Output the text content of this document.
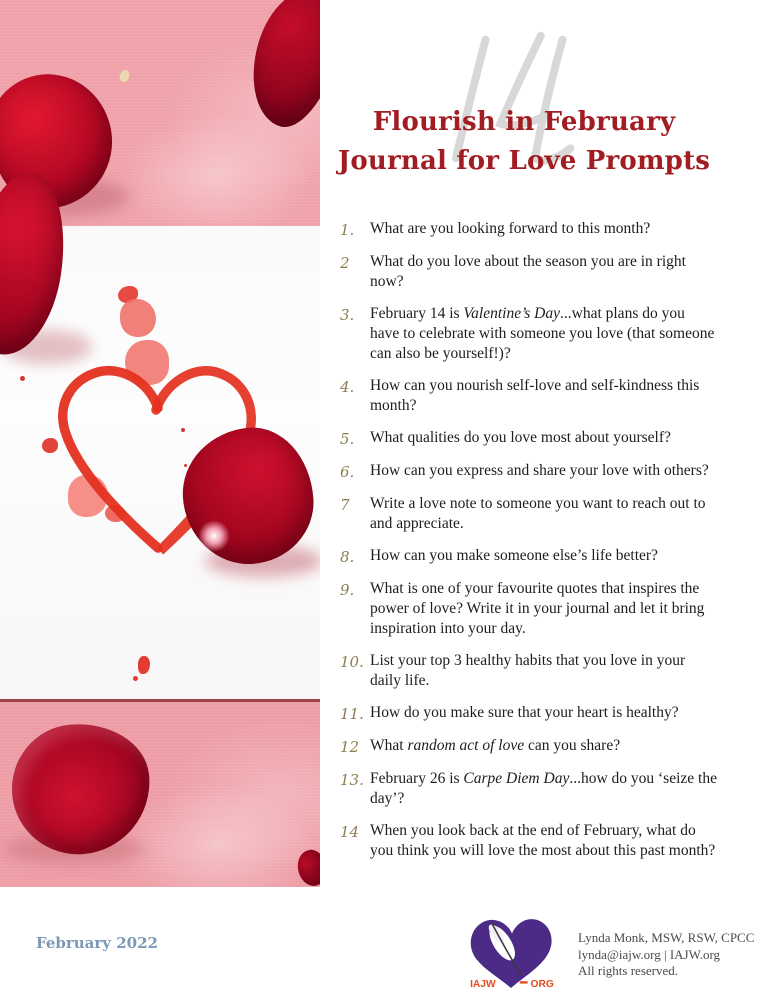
Flourish in February
Journal for Love Prompts
1.	What are you looking forward to this month?
2	What do you love about the season you are in right now?
3.	February 14 is Valentine’s Day...what plans do you have to celebrate with someone you love (that someone can also be yourself!)?
4.	How can you nourish self-love and self-kindness this month?
5.	What qualities do you love most about yourself?
6.	How can you express and share your love with others?
7	Write a love note to someone you want to reach out to and appreciate.
8.	How can you make someone else’s life better?
9.	What is one of your favourite quotes that inspires the power of love? Write it in your journal and let it bring inspiration into your day.
10. List your top 3 healthy habits that you love in your daily life.
11. How do you make sure that your heart is healthy?
12 What random act of love can you share?
13. February 26 is Carpe Diem Day...how do you ‘seize the day’?
14 When you look back at the end of February, what do you think you will love the most about this past month?
February 2022
IAJW	ORG
Lynda Monk, MSW, RSW, CPCC
lynda@iajw.org | IAJW.org
All rights reserved.
